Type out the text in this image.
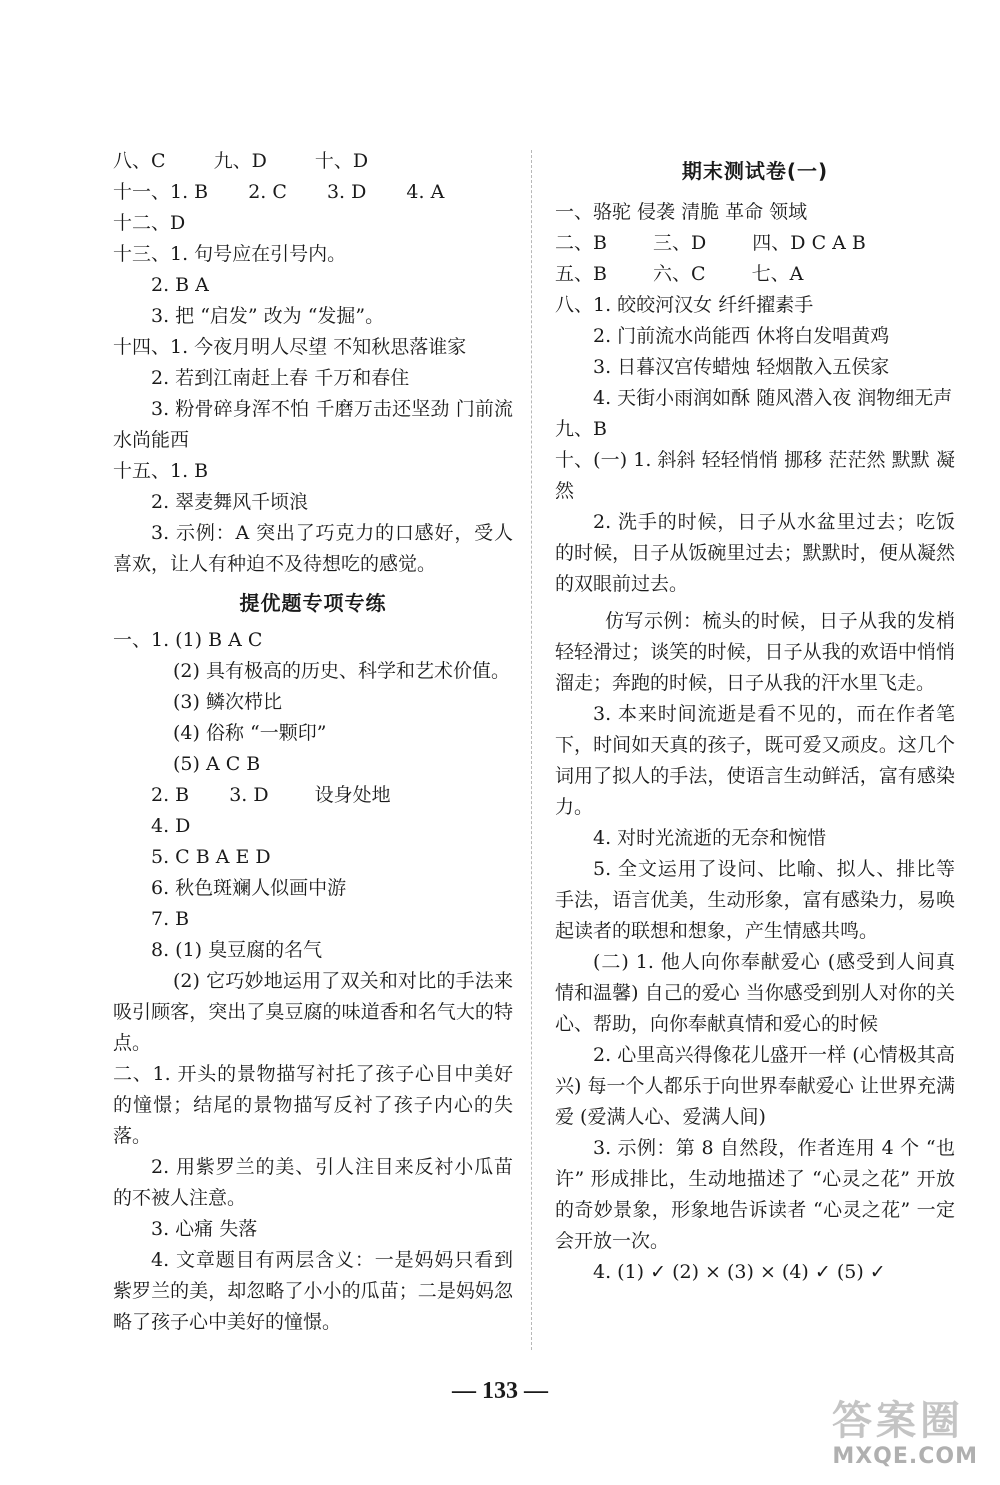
八、C	九、D	十、D
十一、1. B 2. C 3. D 4. A
十二、D
十三、1. 句号应在引号内。
2. B A
3. 把 “启发” 改为 “发掘”。
十四、1. 今夜月明人尽望 不知秋思落谁家
2. 若到江南赶上春 千万和春住
3. 粉骨碎身浑不怕 千磨万击还坚劲 门前流水尚能西
十五、1. B
2. 翠麦舞风千顷浪
3. 示例：A 突出了巧克力的口感好，受人喜欢，让人有种迫不及待想吃的感觉。
提优题专项专练
一、1. (1) B A C
(2) 具有极高的历史、科学和艺术价值。
(3) 鳞次栉比
(4) 俗称 “一颗印”
(5) A C B
2. B 3. D 设身处地
4. D
5. C B A E D
6. 秋色斑斓人似画中游
7. B
8. (1) 臭豆腐的名气
(2) 它巧妙地运用了双关和对比的手法来吸引顾客，突出了臭豆腐的味道香和名气大的特点。
二、1. 开头的景物描写衬托了孩子心目中美好的憧憬；结尾的景物描写反衬了孩子内心的失落。
2. 用紫罗兰的美、引人注目来反衬小瓜苗的不被人注意。
3. 心痛 失落
4. 文章题目有两层含义：一是妈妈只看到紫罗兰的美，却忽略了小小的瓜苗；二是妈妈忽略了孩子心中美好的憧憬。
期末测试卷(一)
一、骆驼 侵袭 清脆 革命 领域
二、B 三、D 四、D C A B
五、B 六、C 七、A
八、1. 皎皎河汉女 纤纤擢素手
2. 门前流水尚能西 休将白发唱黄鸡
3. 日暮汉宫传蜡烛 轻烟散入五侯家
4. 天街小雨润如酥 随风潜入夜 润物细无声
九、B
十、(一) 1. 斜斜 轻轻悄悄 挪移 茫茫然 默默 凝然
2. 洗手的时候，日子从水盆里过去；吃饭的时候，日子从饭碗里过去；默默时，便从凝然的双眼前过去。
仿写示例：梳头的时候，日子从我的发梢轻轻滑过；谈笑的时候，日子从我的欢语中悄悄溜走；奔跑的时候，日子从我的汗水里飞走。
3. 本来时间流逝是看不见的，而在作者笔下，时间如天真的孩子，既可爱又顽皮。这几个词用了拟人的手法，使语言生动鲜活，富有感染力。
4. 对时光流逝的无奈和惋惜
5. 全文运用了设问、比喻、拟人、排比等手法，语言优美，生动形象，富有感染力，易唤起读者的联想和想象，产生情感共鸣。
(二) 1. 他人向你奉献爱心 (感受到人间真情和温馨) 自己的爱心 当你感受到别人对你的关心、帮助，向你奉献真情和爱心的时候
2. 心里高兴得像花儿盛开一样 (心情极其高兴) 每一个人都乐于向世界奉献爱心 让世界充满爱 (爱满人心、爱满人间)
3. 示例：第 8 自然段，作者连用 4 个 “也许” 形成排比，生动地描述了 “心灵之花” 开放的奇妙景象，形象地告诉读者 “心灵之花” 一定会开放一次。
4. (1) ✓ (2) × (3) × (4) ✓ (5) ✓
— 133 —
答案圈
MXQE.COM
